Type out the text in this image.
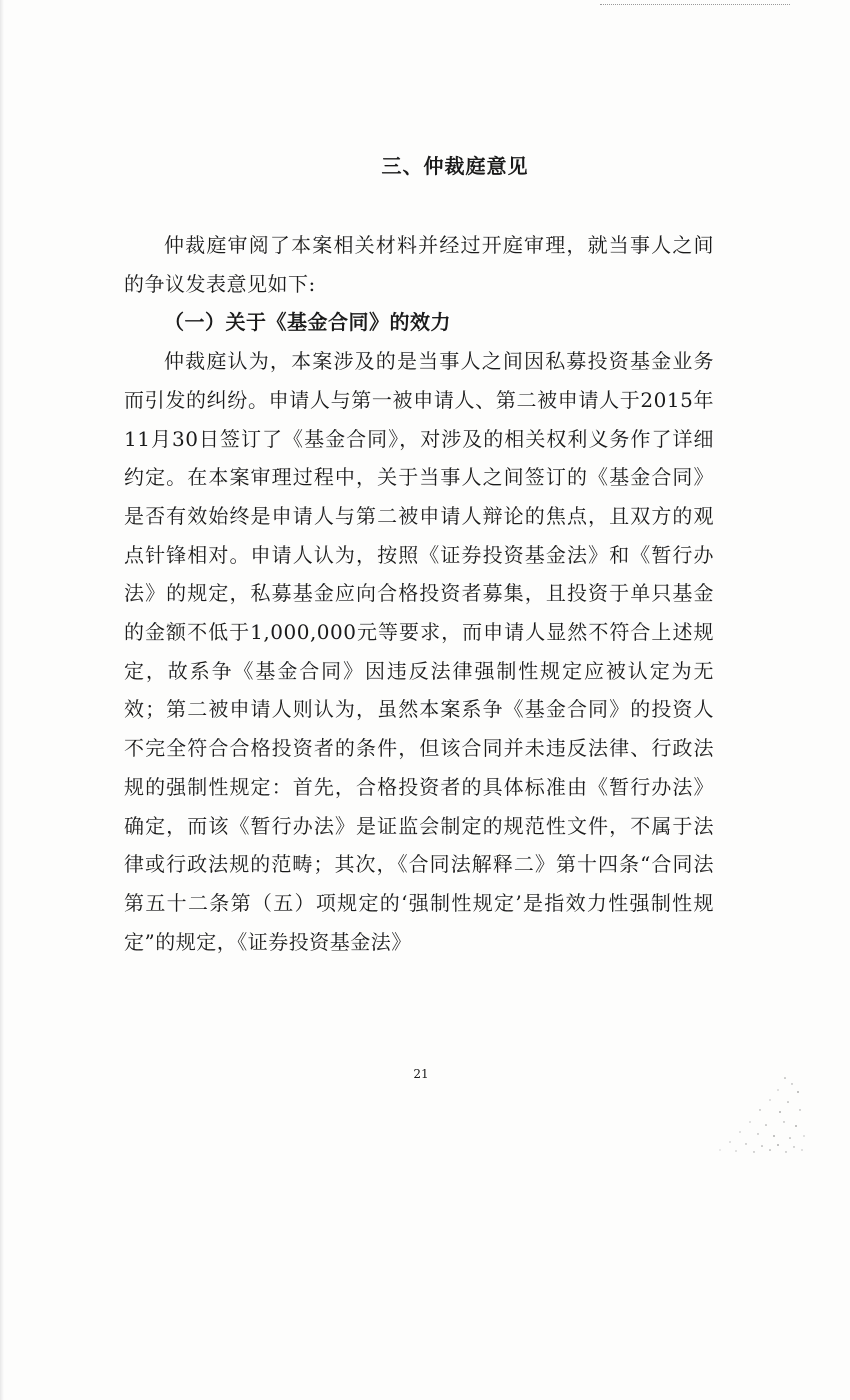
三、仲裁庭意见

仲裁庭审阅了本案相关材料并经过开庭审理，就当事人之间的争议发表意见如下:

（一）关于《基金合同》的效力

仲裁庭认为，本案涉及的是当事人之间因私募投资基金业务而引发的纠纷。申请人与第一被申请人、第二被申请人于2015年11月30日签订了《基金合同》，对涉及的相关权利义务作了详细约定。在本案审理过程中，关于当事人之间签订的《基金合同》是否有效始终是申请人与第二被申请人辩论的焦点，且双方的观点针锋相对。申请人认为，按照《证券投资基金法》和《暂行办法》的规定，私募基金应向合格投资者募集，且投资于单只基金的金额不低于1,000,000元等要求，而申请人显然不符合上述规定，故系争《基金合同》因违反法律强制性规定应被认定为无效；第二被申请人则认为，虽然本案系争《基金合同》的投资人不完全符合合格投资者的条件，但该合同并未违反法律、行政法规的强制性规定：首先，合格投资者的具体标准由《暂行办法》确定，而该《暂行办法》是证监会制定的规范性文件，不属于法律或行政法规的范畴；其次，《合同法解释二》第十四条“合同法第五十二条第（五）项规定的‘强制性规定’是指效力性强制性规定”的规定，《证券投资基金法》

21
